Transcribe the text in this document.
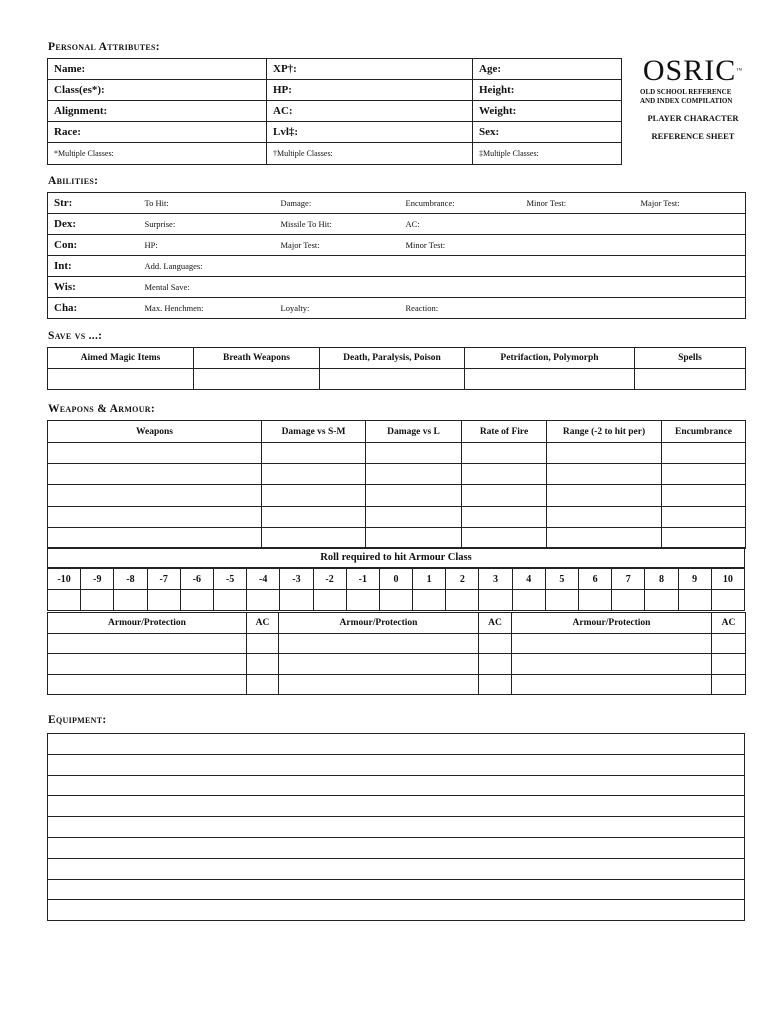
Personal Attributes:
Name:	XP†:	Age:
Class(es*):	HP:	Height:
Alignment:	AC:	Weight:
Race:	Lvl‡:	Sex:
*Multiple Classes:	†Multiple Classes:	‡Multiple Classes:
OSRIC™
OLD SCHOOL REFERENCE
AND INDEX COMPILATION
PLAYER CHARACTER
REFERENCE SHEET
Abilities:
Str:	To Hit:	Damage:	Encumbrance:	Minor Test:	Major Test:
Dex:	Surprise:	Missile To Hit:	AC:		
Con:	HP:	Major Test:	Minor Test:		
Int:	Add. Languages:				
Wis:	Mental Save:				
Cha:	Max. Henchmen:	Loyalty:	Reaction:		
Save vs ...:
Aimed Magic Items	Breath Weapons	Death, Paralysis, Poison	Petrifaction, Polymorph	Spells

Weapons & Armour:
Weapons	Damage vs S-M	Damage vs L	Rate of Fire	Range (-2 to hit per)	Encumbrance

Roll required to hit Armour Class
-10	-9	-8	-7	-6	-5	-4	-3	-2	-1	0	1	2	3	4	5	6	7	8	9	10

Armour/Protection	AC	Armour/Protection	AC	Armour/Protection	AC

Equipment:
